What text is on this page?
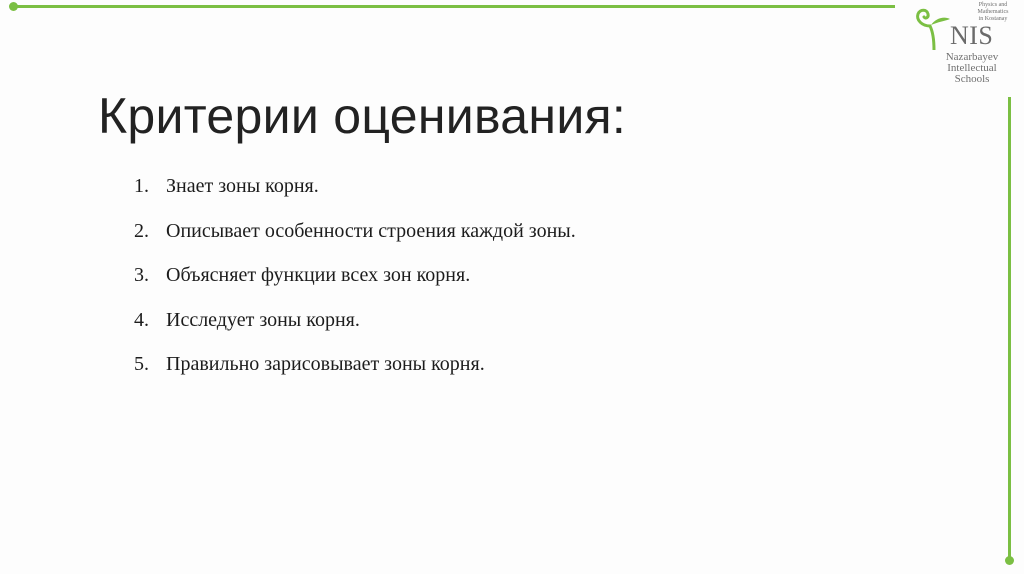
Physics and
Mathematics
in Kostanay
NIS
Nazarbayev
Intellectual
Schools
Критерии оценивания:
1. Знает зоны корня.
2. Описывает особенности строения каждой зоны.
3. Объясняет функции всех зон корня.
4. Исследует зоны корня.
5. Правильно зарисовывает зоны корня.
